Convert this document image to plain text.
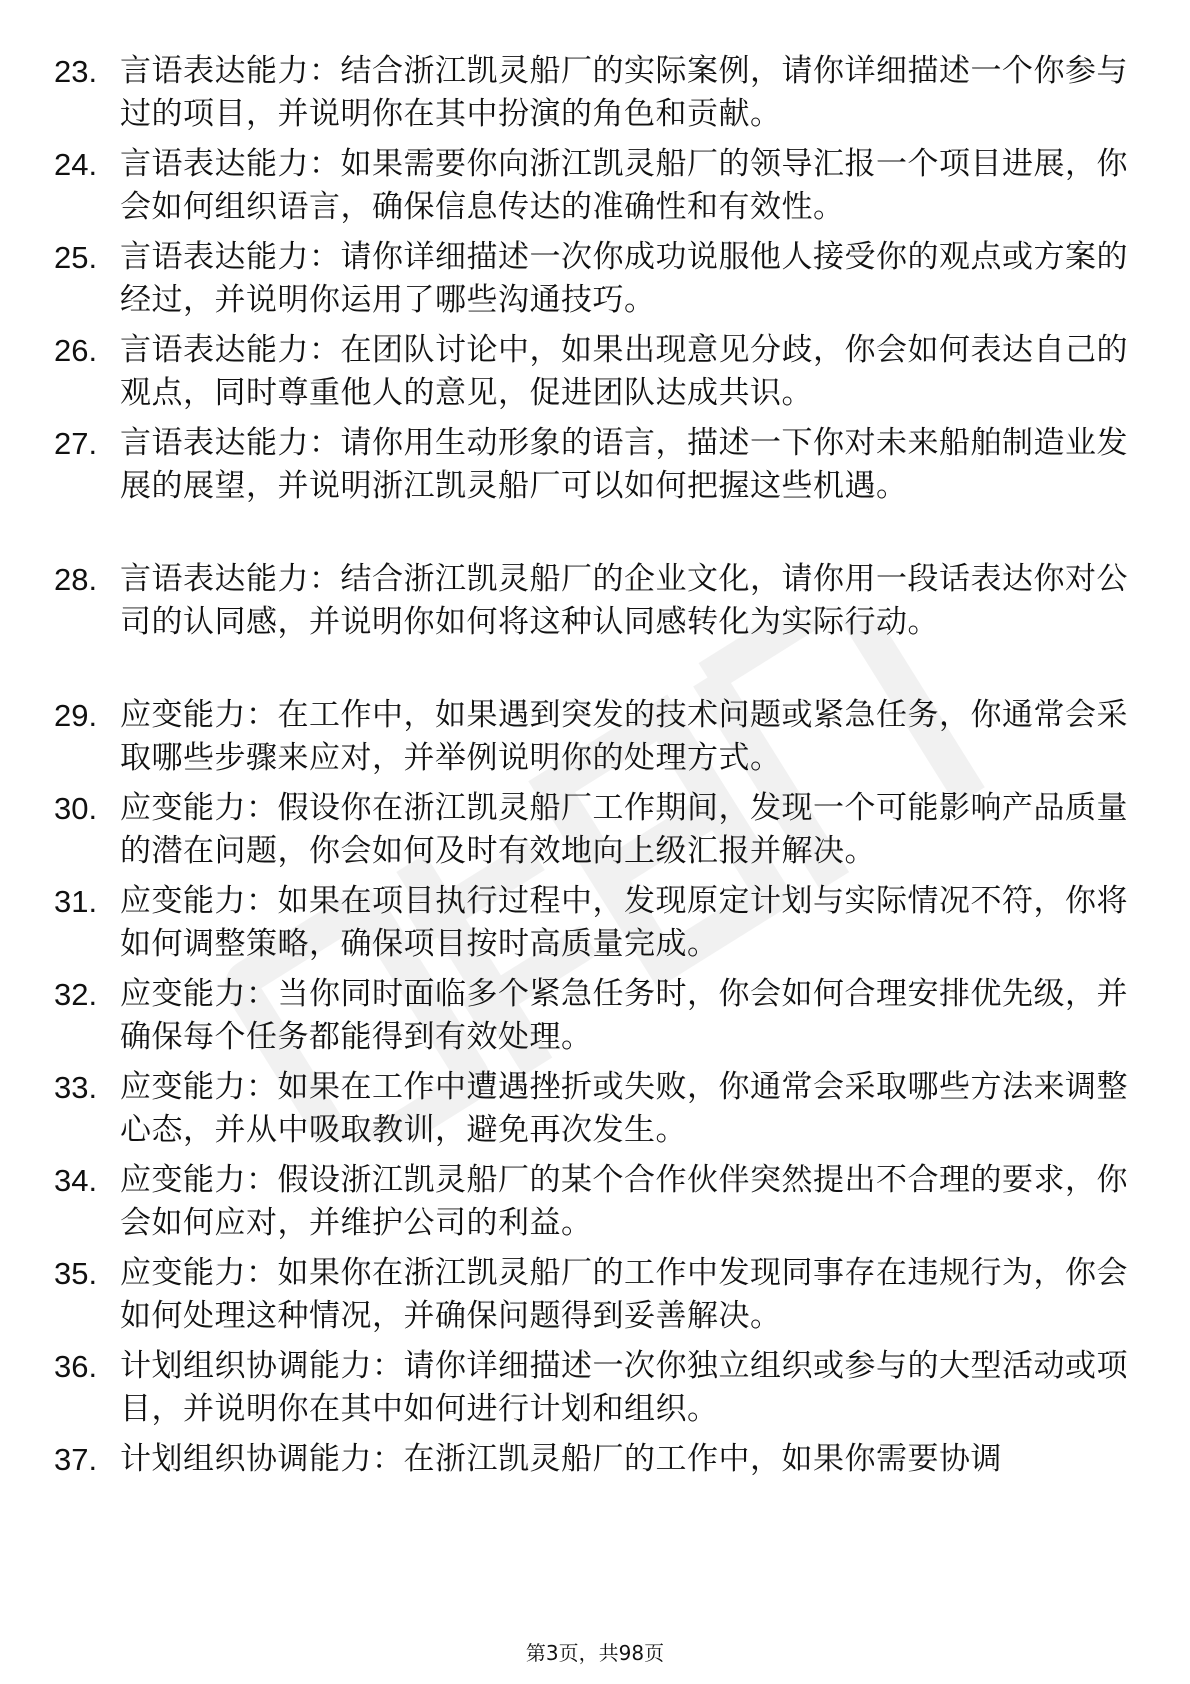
23. 言语表达能力：结合浙江凯灵船厂的实际案例，请你详细描述一个你参与过的项目，并说明你在其中扮演的角色和贡献。
24. 言语表达能力：如果需要你向浙江凯灵船厂的领导汇报一个项目进展，你会如何组织语言，确保信息传达的准确性和有效性。
25. 言语表达能力：请你详细描述一次你成功说服他人接受你的观点或方案的经过，并说明你运用了哪些沟通技巧。
26. 言语表达能力：在团队讨论中，如果出现意见分歧，你会如何表达自己的观点，同时尊重他人的意见，促进团队达成共识。
27. 言语表达能力：请你用生动形象的语言，描述一下你对未来船舶制造业发展的展望，并说明浙江凯灵船厂可以如何把握这些机遇。
28. 言语表达能力：结合浙江凯灵船厂的企业文化，请你用一段话表达你对公司的认同感，并说明你如何将这种认同感转化为实际行动。
29. 应变能力：在工作中，如果遇到突发的技术问题或紧急任务，你通常会采取哪些步骤来应对，并举例说明你的处理方式。
30. 应变能力：假设你在浙江凯灵船厂工作期间，发现一个可能影响产品质量的潜在问题，你会如何及时有效地向上级汇报并解决。
31. 应变能力：如果在项目执行过程中，发现原定计划与实际情况不符，你将如何调整策略，确保项目按时高质量完成。
32. 应变能力：当你同时面临多个紧急任务时，你会如何合理安排优先级，并确保每个任务都能得到有效处理。
33. 应变能力：如果在工作中遭遇挫折或失败，你通常会采取哪些方法来调整心态，并从中吸取教训，避免再次发生。
34. 应变能力：假设浙江凯灵船厂的某个合作伙伴突然提出不合理的要求，你会如何应对，并维护公司的利益。
35. 应变能力：如果你在浙江凯灵船厂的工作中发现同事存在违规行为，你会如何处理这种情况，并确保问题得到妥善解决。
36. 计划组织协调能力：请你详细描述一次你独立组织或参与的大型活动或项目，并说明你在其中如何进行计划和组织。
37. 计划组织协调能力：在浙江凯灵船厂的工作中，如果你需要协调
第3页，共98页
